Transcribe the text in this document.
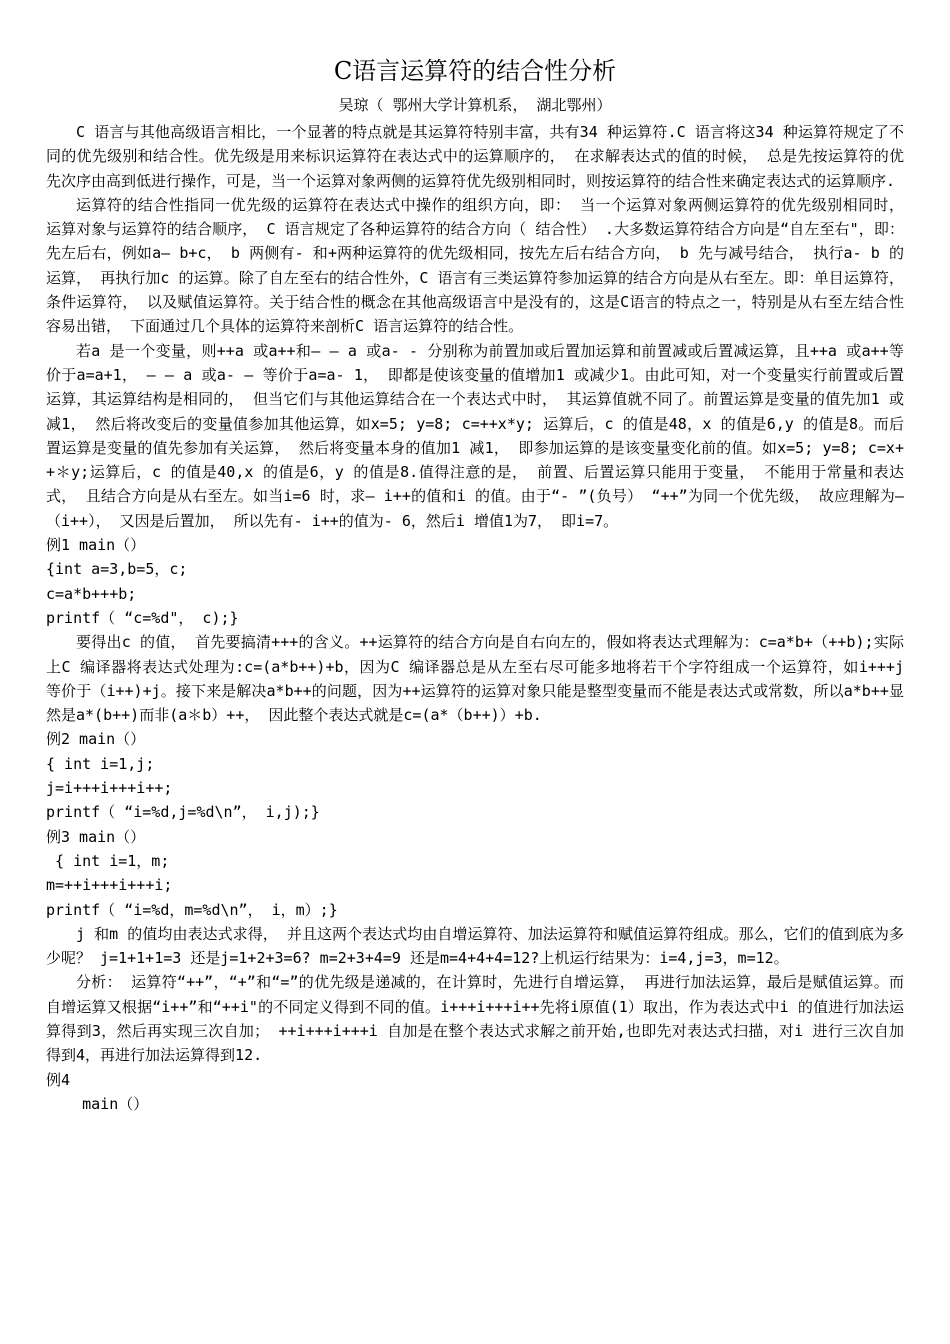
C语言运算符的结合性分析
吴琼（ 鄂州大学计算机系， 湖北鄂州）

C 语言与其他高级语言相比，一个显著的特点就是其运算符特别丰富，共有34 种运算符.C 语言将这34 种运算符规定了不同的优先级别和结合性。优先级是用来标识运算符在表达式中的运算顺序的， 在求解表达式的值的时候， 总是先按运算符的优先次序由高到低进行操作，可是，当一个运算对象两侧的运算符优先级别相同时，则按运算符的结合性来确定表达式的运算顺序.

运算符的结合性指同一优先级的运算符在表达式中操作的组织方向，即： 当一个运算对象两侧运算符的优先级别相同时， 运算对象与运算符的结合顺序， C 语言规定了各种运算符的结合方向（ 结合性） .大多数运算符结合方向是“自左至右"，即： 先左后右，例如a— b+c， b 两侧有- 和+两种运算符的优先级相同，按先左后右结合方向， b 先与减号结合， 执行a- b 的运算， 再执行加c 的运算。除了自左至右的结合性外，C 语言有三类运算符参加运算的结合方向是从右至左。即：单目运算符，条件运算符， 以及赋值运算符。关于结合性的概念在其他高级语言中是没有的，这是C语言的特点之一，特别是从右至左结合性容易出错， 下面通过几个具体的运算符来剖析C 语言运算符的结合性。

若a 是一个变量，则++a 或a++和— — a 或a- - 分别称为前置加或后置加运算和前置减或后置减运算，且++a 或a++等价于a=a+1， — — a 或a- — 等价于a=a- 1， 即都是使该变量的值增加1 或减少1。由此可知，对一个变量实行前置或后置运算，其运算结构是相同的， 但当它们与其他运算结合在一个表达式中时， 其运算值就不同了。前置运算是变量的值先加1 或减1， 然后将改变后的变量值参加其他运算，如x=5; y=8; c=++x*y; 运算后，c 的值是48，x 的值是6,y 的值是8。而后置运算是变量的值先参加有关运算， 然后将变量本身的值加1 减1， 即参加运算的是该变量变化前的值。如x=5; y=8; c=x++＊y;运算后，c 的值是40,x 的值是6，y 的值是8.值得注意的是， 前置、后置运算只能用于变量， 不能用于常量和表达式， 且结合方向是从右至左。如当i=6 时，求— i++的值和i 的值。由于“- ”(负号） “++”为同一个优先级， 故应理解为—（i++）， 又因是后置加， 所以先有- i++的值为- 6，然后i 增值1为7， 即i=7。

例1 main（）
{int a=3,b=5，c;
c=a*b+++b;
printf（ “c=%d"， c);}

要得出c 的值， 首先要搞清+++的含义。++运算符的结合方向是自右向左的，假如将表达式理解为：c=a*b+（++b);实际上C 编译器将表达式处理为:c=(a*b++)+b，因为C 编译器总是从左至右尽可能多地将若干个字符组成一个运算符，如i+++j 等价于（i++)+j。接下来是解决a*b++的问题，因为++运算符的运算对象只能是整型变量而不能是表达式或常数，所以a*b++显然是a*(b++)而非(a＊b）++， 因此整个表达式就是c=(a*（b++)）+b.

例2 main（）
{ int i=1,j;
j=i+++i+++i++;
printf（ “i=%d,j=%d\n”， i,j);}
例3 main（）
{ int i=1，m;
m=++i+++i+++i;
printf（ “i=%d，m=%d\n”， i，m）;}

j 和m 的值均由表达式求得， 并且这两个表达式均由自增运算符、加法运算符和赋值运算符组成。那么，它们的值到底为多少呢？ j=1+1+1=3 还是j=1+2+3=6? m=2+3+4=9 还是m=4+4+4=12?上机运行结果为：i=4,j=3，m=12。

分析： 运算符“++”，“+”和“=”的优先级是递减的，在计算时，先进行自增运算， 再进行加法运算，最后是赋值运算。而自增运算又根据“i++”和“++i"的不同定义得到不同的值。i+++i+++i++先将i原值(1）取出，作为表达式中i 的值进行加法运算得到3，然后再实现三次自加； ++i+++i+++i 自加是在整个表达式求解之前开始,也即先对表达式扫描，对i 进行三次自加得到4，再进行加法运算得到12.

例4
main（）
